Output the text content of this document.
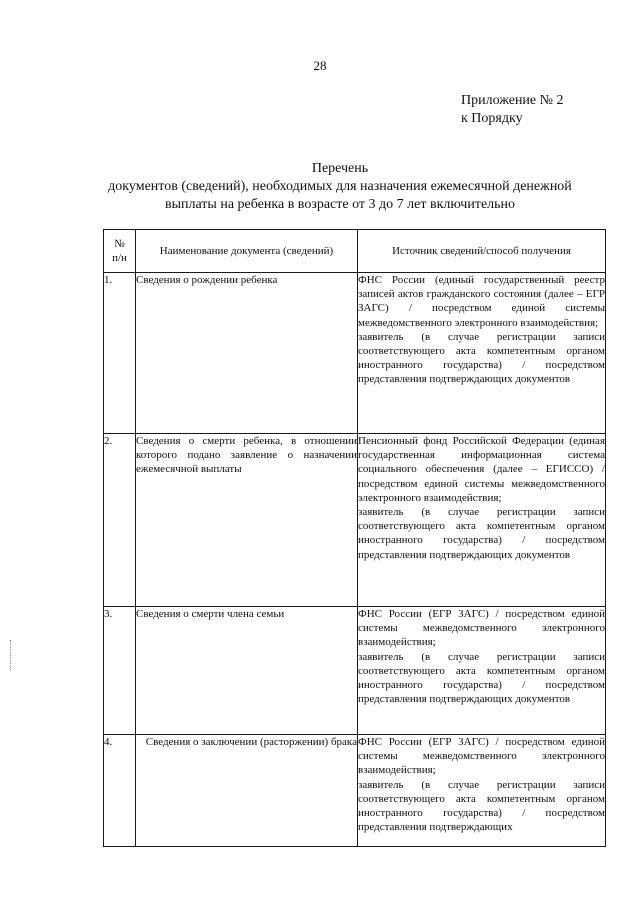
28
Приложение № 2
к Порядку
Перечень
документов (сведений), необходимых для назначения ежемесячной денежной
выплаты на ребенка в возрасте от 3 до 7 лет включительно
№
п/н	Наименование документа (сведений)	Источник сведений/способ получения
1.	Сведения о рождении ребенка	ФНС России (единый государственный реестр записей актов гражданского состояния (далее – ЕГР ЗАГС) / посредством единой системы межведомственного электронного взаимодействия;
заявитель (в случае регистрации записи соответствующего акта компетентным органом иностранного государства) / посредством представления подтверждающих документов

2.	Сведения о смерти ребенка, в отношении которого подано заявление о назначении ежемесячной выплаты	Пенсионный фонд Российской Федерации (единая государственная информационная система социального обеспечения (далее – ЕГИССО) / посредством единой системы межведомственного электронного взаимодействия;
заявитель (в случае регистрации записи соответствующего акта компетентным органом иностранного государства) / посредством представления подтверждающих документов

3.	Сведения о смерти члена семьи	ФНС России (ЕГР ЗАГС) / посредством единой системы межведомственного электронного взаимодействия;
заявитель (в случае регистрации записи соответствующего акта компетентным органом иностранного государства) / посредством представления подтверждающих документов

4.	Сведения о заключении (расторжении) брака	ФНС России (ЕГР ЗАГС) / посредством единой системы межведомственного электронного взаимодействия;
заявитель (в случае регистрации записи соответствующего акта компетентным органом иностранного государства) / посредством представления подтверждающих
